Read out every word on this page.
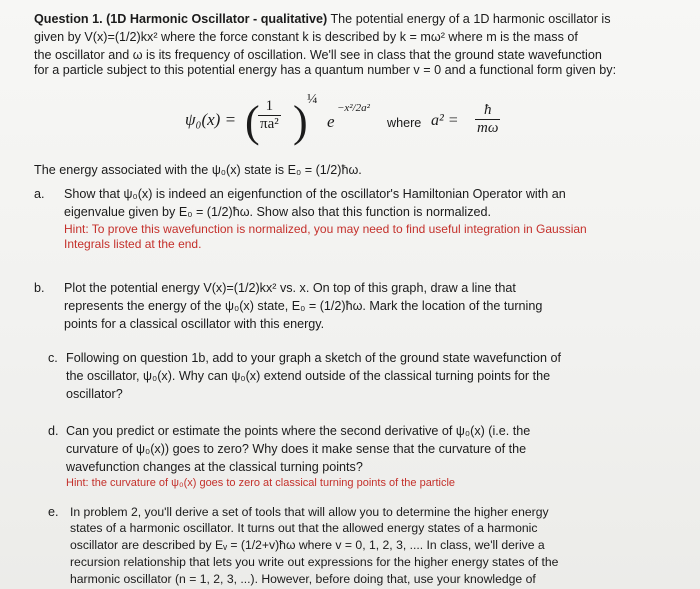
Question 1. (1D Harmonic Oscillator - qualitative) The potential energy of a 1D harmonic oscillator is
given by V(x)=(1/2)kx² where the force constant k is described by k = mω² where m is the mass of
the oscillator and ω is its frequency of oscillation. We'll see in class that the ground state wavefunction
for a particle subject to this potential energy has a quantum number v = 0 and a functional form given by:
ψ₀(x) = (
$\frac{1}{\text{πa²}}$ ) ¼
e
−x²/2a²
where $a^2 = \frac{ħ}{m\omega}$
The energy associated with the ψ₀(x) state is E₀ = (1/2)ħω.
a. Show that ψ₀(x) is indeed an eigenfunction of the oscillator's Hamiltonian Operator with an
eigenvalue given by E₀ = (1/2)ħω. Show also that this function is normalized.
Hint: To prove this wavefunction is normalized, you may need to find useful integration in Gaussian
Integrals listed at the end.
b. Plot the potential energy V(x)=(1/2)kx² vs. x. On top of this graph, draw a line that
represents the energy of the ψ₀(x) state, E₀ = (1/2)ħω. Mark the location of the turning
points for a classical oscillator with this energy.
c. Following on question 1b, add to your graph a sketch of the ground state wavefunction of
the oscillator, ψ₀(x). Why can ψ₀(x) extend outside of the classical turning points for the
oscillator?
d. Can you predict or estimate the points where the second derivative of ψ₀(x) (i.e. the
curvature of ψ₀(x)) goes to zero? Why does it make sense that the curvature of the
wavefunction changes at the classical turning points?
Hint: the curvature of ψ₀(x) goes to zero at classical turning points of the particle
e. In problem 2, you'll derive a set of tools that will allow you to determine the higher energy
states of a harmonic oscillator. It turns out that the allowed energy states of a harmonic
oscillator are described by Eᵥ = (1/2+v)ħω where v = 0, 1, 2, 3, .... In class, we'll derive a
recursion relationship that lets you write out expressions for the higher energy states of the
harmonic oscillator (n = 1, 2, 3, ...). However, before doing that, use your knowledge of
